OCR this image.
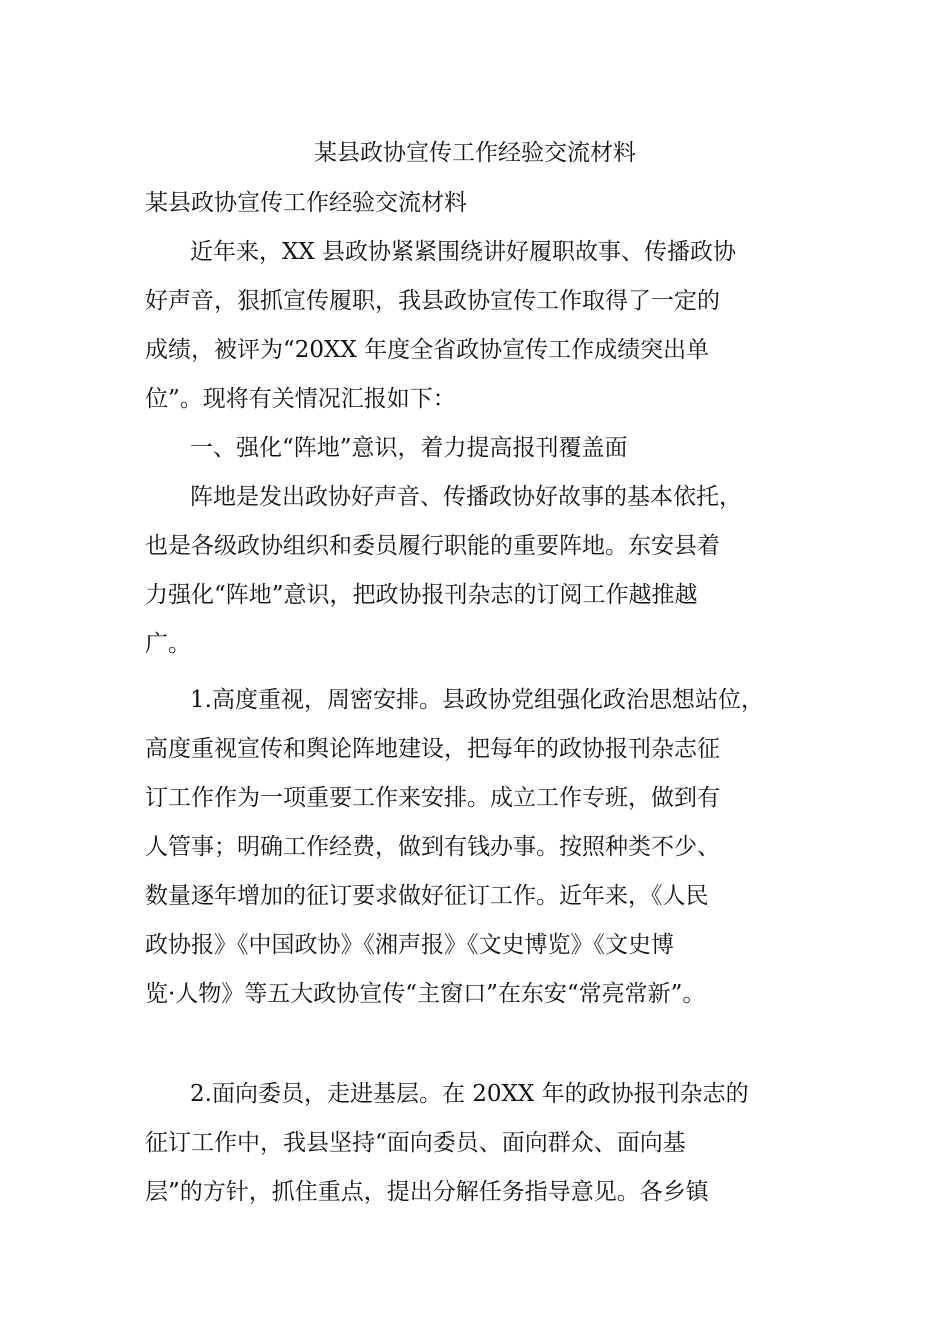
某县政协宣传工作经验交流材料
某县政协宣传工作经验交流材料
近年来，XX 县政协紧紧围绕讲好履职故事、传播政协
好声音，狠抓宣传履职，我县政协宣传工作取得了一定的
成绩，被评为“20XX 年度全省政协宣传工作成绩突出单
位”。现将有关情况汇报如下：
一、强化“阵地”意识，着力提高报刊覆盖面
阵地是发出政协好声音、传播政协好故事的基本依托，
也是各级政协组织和委员履行职能的重要阵地。东安县着
力强化“阵地”意识，把政协报刊杂志的订阅工作越推越
广。
1.高度重视，周密安排。县政协党组强化政治思想站位，
高度重视宣传和舆论阵地建设，把每年的政协报刊杂志征
订工作作为一项重要工作来安排。成立工作专班，做到有
人管事；明确工作经费，做到有钱办事。按照种类不少、
数量逐年增加的征订要求做好征订工作。近年来，《人民
政协报》《中国政协》《湘声报》《文史博览》《文史博
览·人物》等五大政协宣传“主窗口”在东安“常亮常新”。
2.面向委员，走进基层。在 20XX 年的政协报刊杂志的
征订工作中，我县坚持“面向委员、面向群众、面向基
层”的方针，抓住重点，提出分解任务指导意见。各乡镇
